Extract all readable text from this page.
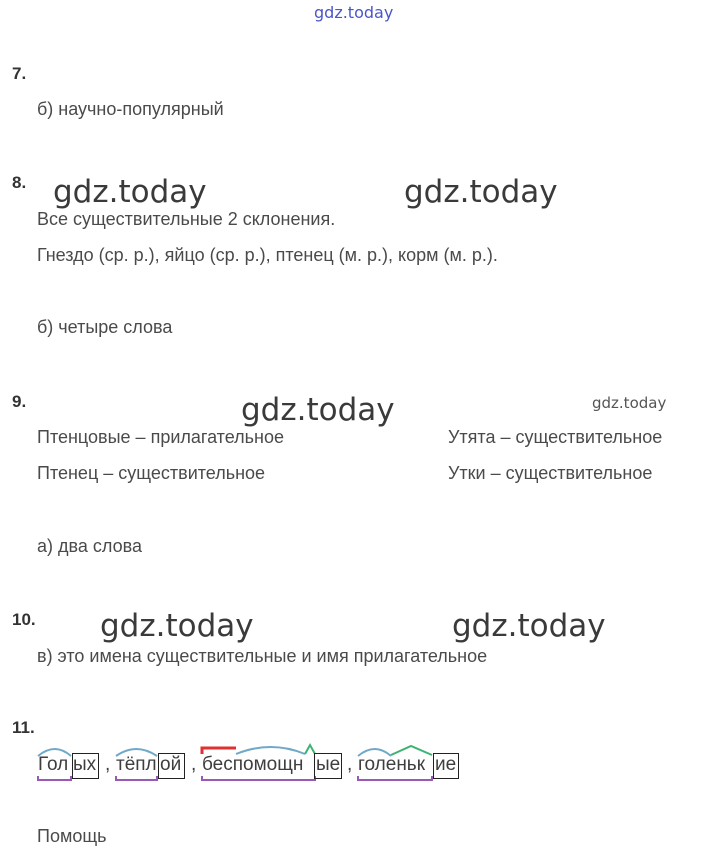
gdz.today
7.
б) научно-популярный
8. gdz.today	gdz.today
Все существительные 2 склонения.
Гнездо (ср. р.), яйцо (ср. р.), птенец (м. р.), корм (м. р.).
б) четыре слова
9.	gdz.today	gdz.today
Птенцовые – прилагательное	Утята – существительное
Птенец – существительное	Утки – существительное
а) два слова
10. gdz.today	gdz.today
в) это имена существительные и имя прилагательное
11.
Гол ых , тёпл ой , беспомощн ые , голеньк ие
Помощь
